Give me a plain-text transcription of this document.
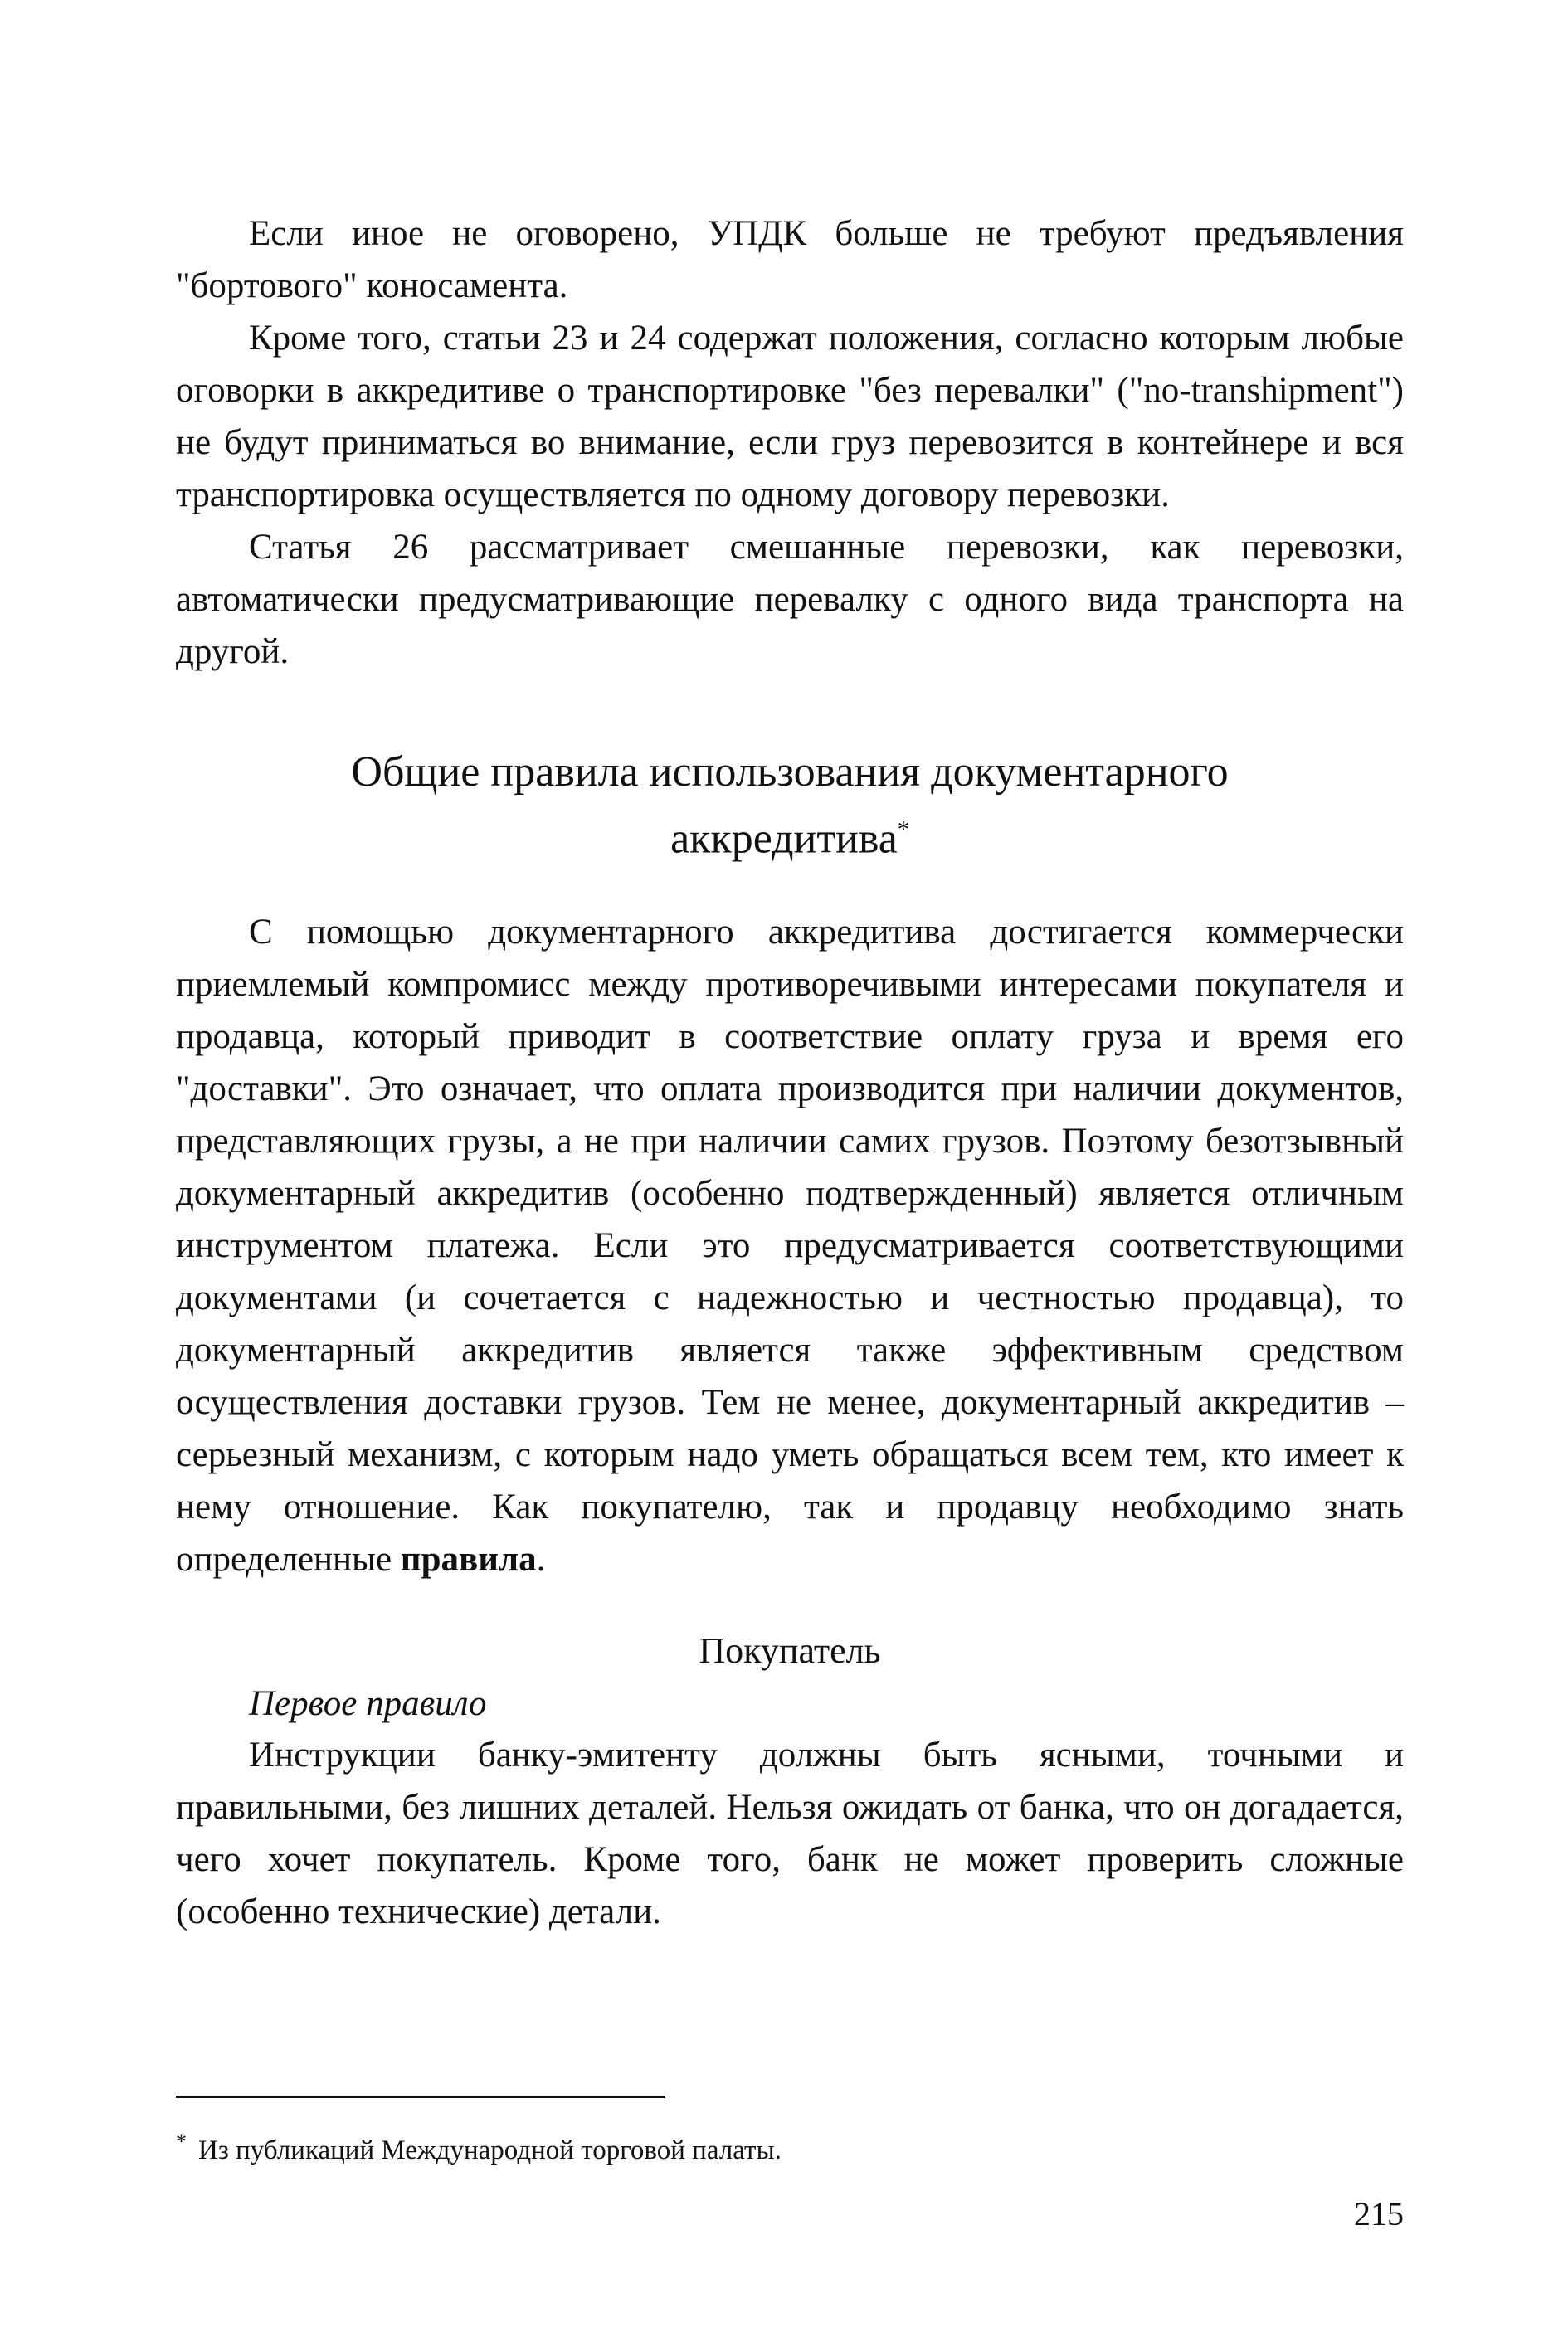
Если иное не оговорено, УПДК больше не требуют предъявления "бортового" коносамента.

Кроме того, статьи 23 и 24 содержат положения, согласно которым любые оговорки в аккредитиве о транспортировке "без перевалки" ("no-transhipment") не будут приниматься во внимание, если груз перевозится в контейнере и вся транспортировка осуществляется по одному договору перевозки.

Статья 26 рассматривает смешанные перевозки, как перевозки, автоматически предусматривающие перевалку с одного вида транспорта на другой.

Общие правила использования документарного
аккредитива*

С помощью документарного аккредитива достигается коммерчески приемлемый компромисс между противоречивыми интересами покупателя и продавца, который приводит в соответствие оплату груза и время его "доставки". Это означает, что оплата производится при наличии документов, представляющих грузы, а не при наличии самих грузов. Поэтому безотзывный документарный аккредитив (особенно подтвержденный) является отличным инструментом платежа. Если это предусматривается соответствующими документами (и сочетается с надежностью и честностью продавца), то документарный аккредитив является также эффективным средством осуществления доставки грузов. Тем не менее, документарный аккредитив – серьезный механизм, с которым надо уметь обращаться всем тем, кто имеет к нему отношение. Как покупателю, так и продавцу необходимо знать определенные правила.

Покупатель
Первое правило

Инструкции банку-эмитенту должны быть ясными, точными и правильными, без лишних деталей. Нельзя ожидать от банка, что он догадается, чего хочет покупатель. Кроме того, банк не может проверить сложные (особенно технические) детали.

* Из публикаций Международной торговой палаты.
215
